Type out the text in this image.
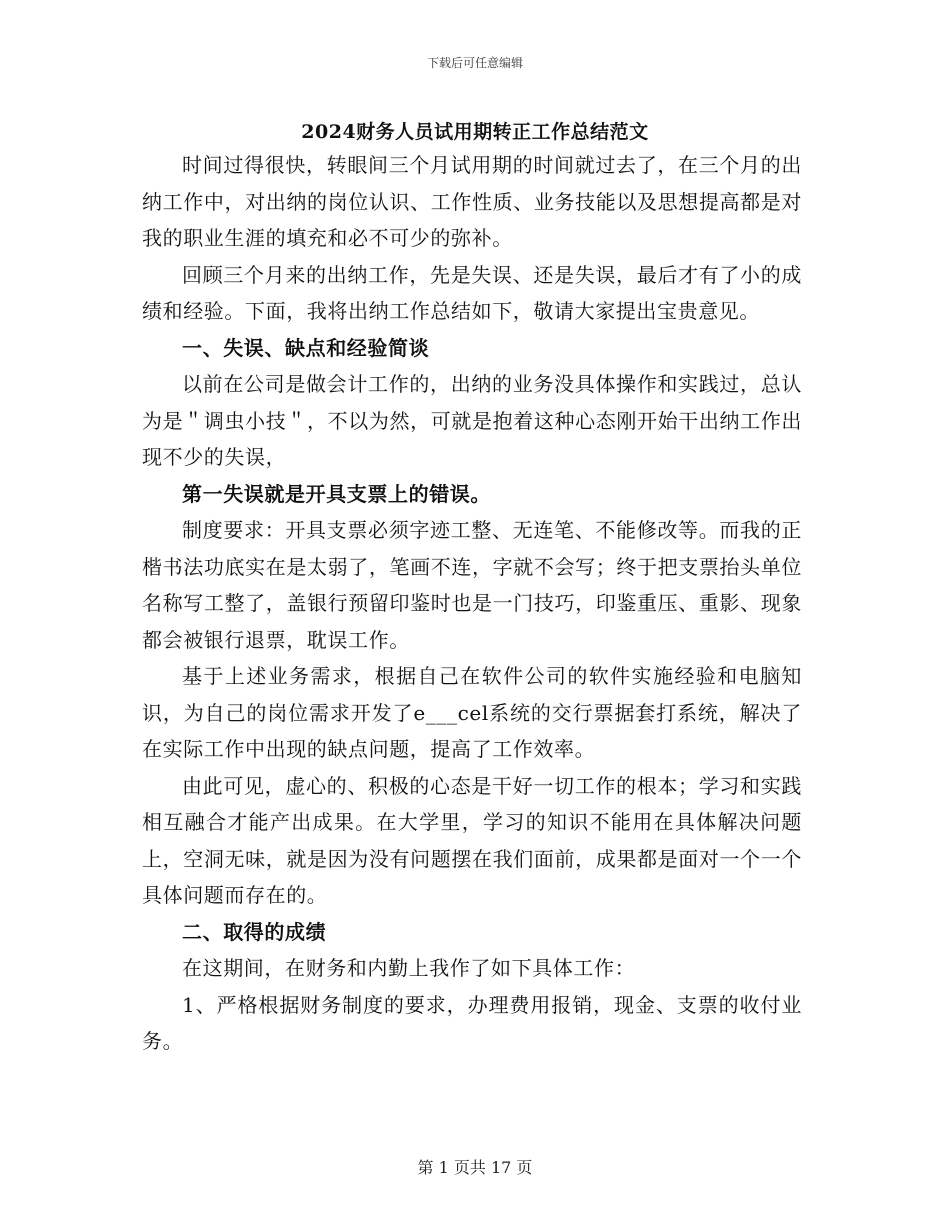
下载后可任意编辑
2024财务人员试用期转正工作总结范文

时间过得很快，转眼间三个月试用期的时间就过去了，在三个月的出纳工作中，对出纳的岗位认识、工作性质、业务技能以及思想提高都是对我的职业生涯的填充和必不可少的弥补。

回顾三个月来的出纳工作，先是失误、还是失误，最后才有了小的成绩和经验。下面，我将出纳工作总结如下，敬请大家提出宝贵意见。

一、失误、缺点和经验简谈

以前在公司是做会计工作的，出纳的业务没具体操作和实践过，总认为是＂调虫小技＂，不以为然，可就是抱着这种心态刚开始干出纳工作出现不少的失误，

第一失误就是开具支票上的错误。

制度要求：开具支票必须字迹工整、无连笔、不能修改等。而我的正楷书法功底实在是太弱了，笔画不连，字就不会写；终于把支票抬头单位名称写工整了，盖银行预留印鉴时也是一门技巧，印鉴重压、重影、现象都会被银行退票，耽误工作。

基于上述业务需求，根据自己在软件公司的软件实施经验和电脑知识，为自己的岗位需求开发了e___cel系统的交行票据套打系统，解决了在实际工作中出现的缺点问题，提高了工作效率。

由此可见，虚心的、积极的心态是干好一切工作的根本；学习和实践相互融合才能产出成果。在大学里，学习的知识不能用在具体解决问题上，空洞无味，就是因为没有问题摆在我们面前，成果都是面对一个一个具体问题而存在的。

二、取得的成绩

在这期间，在财务和内勤上我作了如下具体工作：

1、严格根据财务制度的要求，办理费用报销，现金、支票的收付业务。

第 1 页共 17 页
